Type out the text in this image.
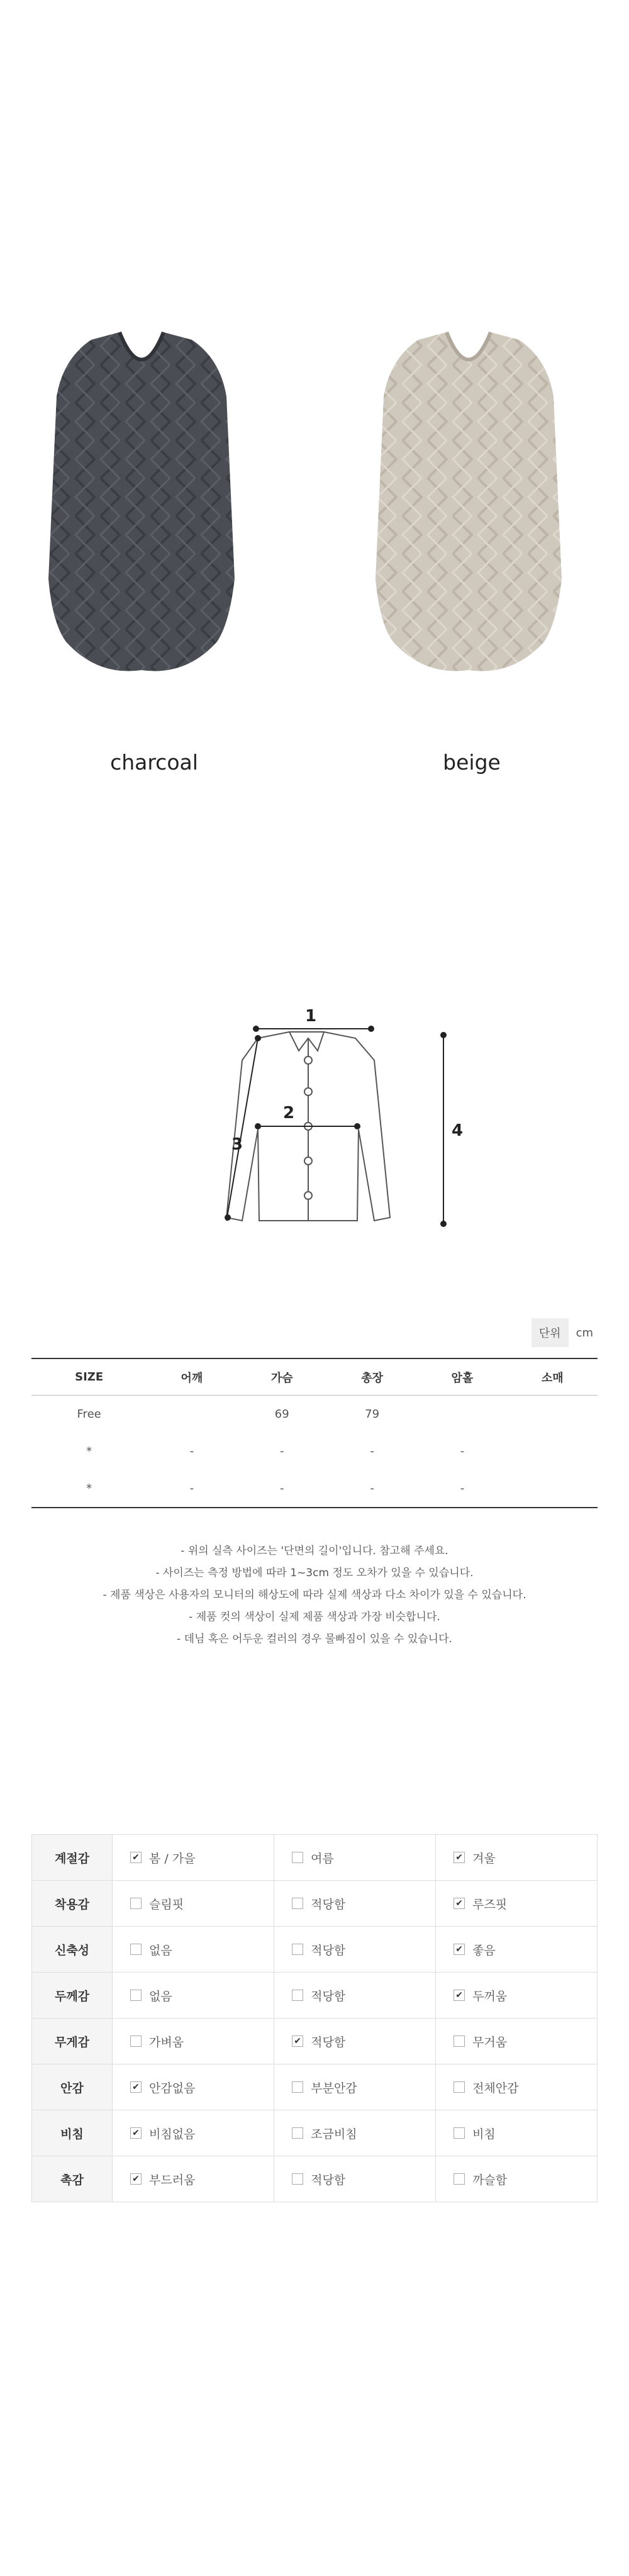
charcoal	beige
1
2
3
4
단위	cm
SIZE	어깨	가슴	총장	암홀	소매
Free		69	79		
*	-	-	-	-	
*	-	-	-	-	
- 위의 실측 사이즈는 '단면의 길이'입니다. 참고해 주세요.
- 사이즈는 측정 방법에 따라 1~3cm 정도 오차가 있을 수 있습니다.
- 제품 색상은 사용자의 모니터의 해상도에 따라 실제 색상과 다소 차이가 있을 수 있습니다.
- 제품 컷의 색상이 실제 제품 색상과 가장 비슷합니다.
- 데님 혹은 어두운 컬러의 경우 물빠짐이 있을 수 있습니다.
계절감	✔ 봄 / 가을	여름	✔ 겨울
착용감	슬림핏	적당함	✔ 루즈핏
신축성	없음	적당함	✔ 좋음
두께감	없음	적당함	✔ 두꺼움
무게감	가벼움	✔ 적당함	무거움
안감	✔ 안감없음	부분안감	전체안감
비침	✔ 비침없음	조금비침	비침
촉감	✔ 부드러움	적당함	까슬함
